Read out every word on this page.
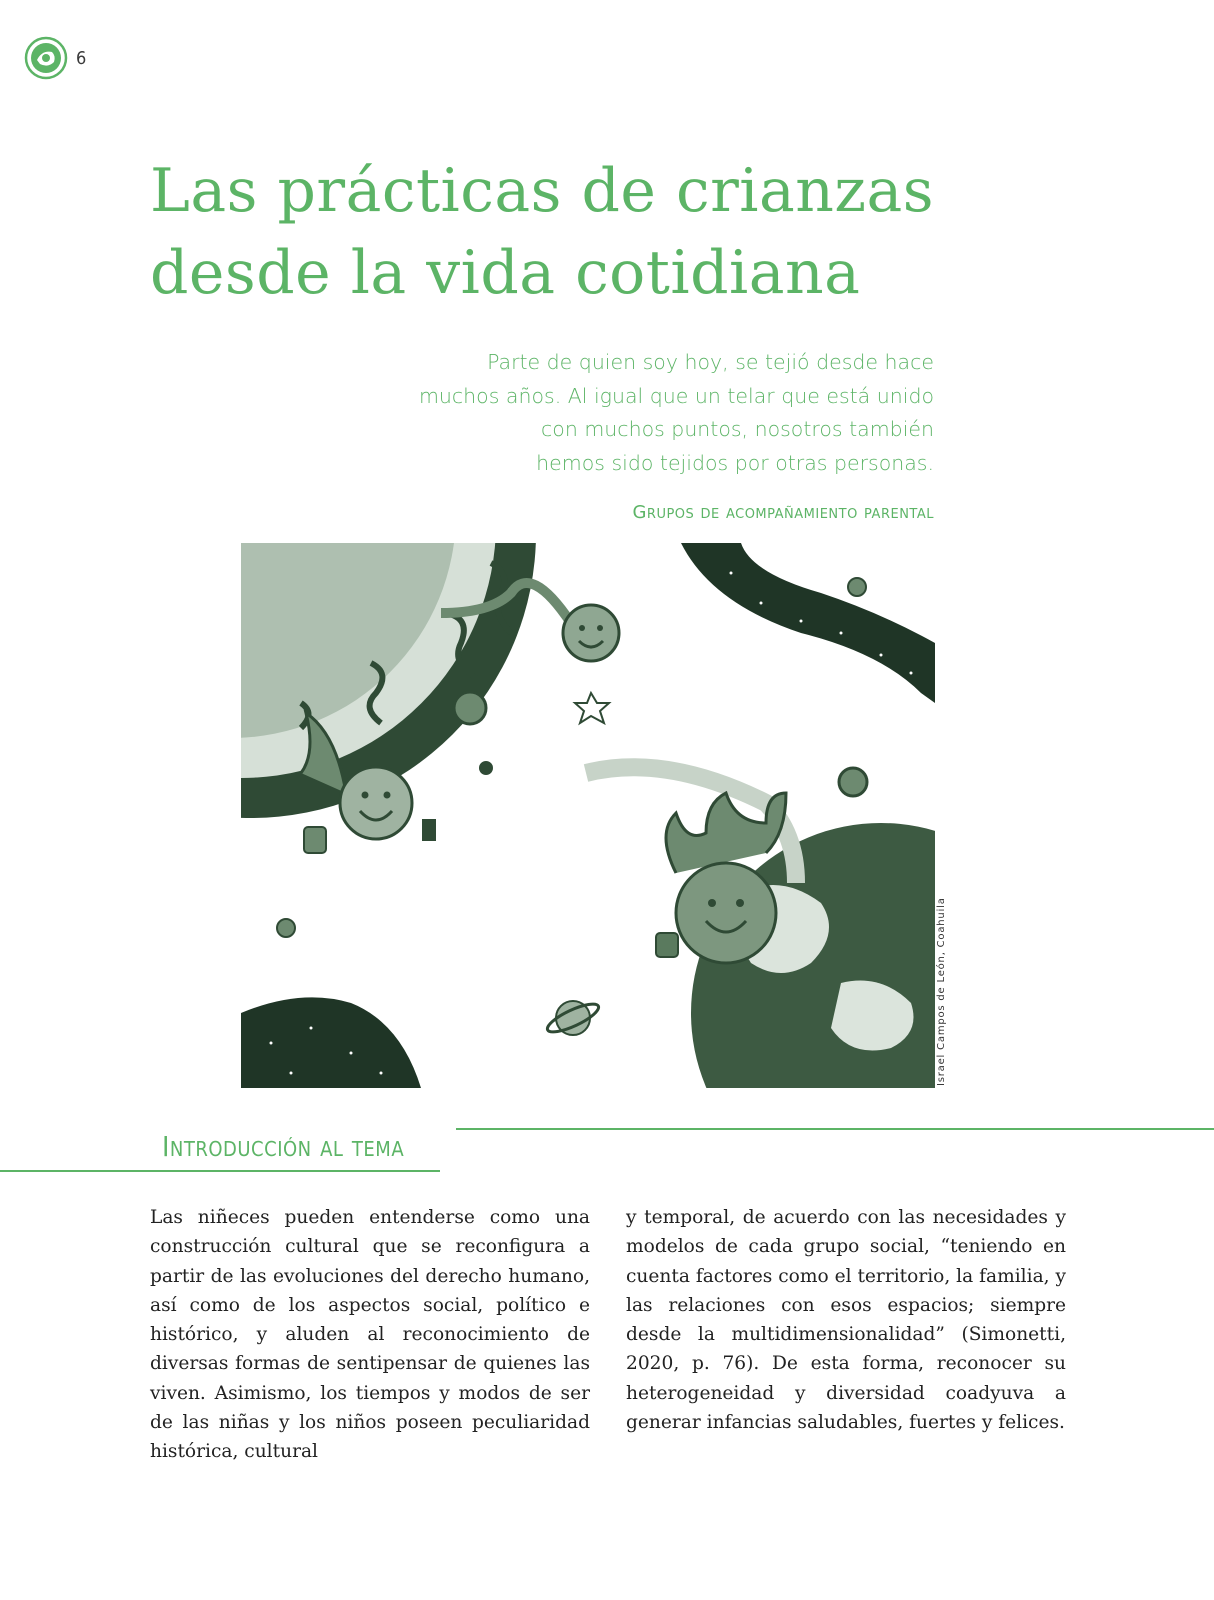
6
Las prácticas de crianzas
desde la vida cotidiana
Parte de quien soy hoy, se tejió desde hace
muchos años. Al igual que un telar que está unido
con muchos puntos, nosotros también
hemos sido tejidos por otras personas.
Grupos de acompañamiento parental
Israel Campos de León, Coahuila
Introducción al tema

Las niñeces pueden entenderse como una construcción cultural que se reconfigura a partir de las evoluciones del derecho humano, así como de los aspectos social, político e histórico, y aluden al reconocimiento de diversas formas de sentipensar de quienes las viven. Asimismo, los tiempos y modos de ser de las niñas y los niños poseen peculiaridad histórica, cultural

y temporal, de acuerdo con las necesidades y modelos de cada grupo social, “teniendo en cuenta factores como el territorio, la familia, y las relaciones con esos espacios; siempre desde la multidimensionalidad” (Simonetti, 2020, p. 76). De esta forma, reconocer su heterogeneidad y diversidad coadyuva a generar infancias saludables, fuertes y felices.
